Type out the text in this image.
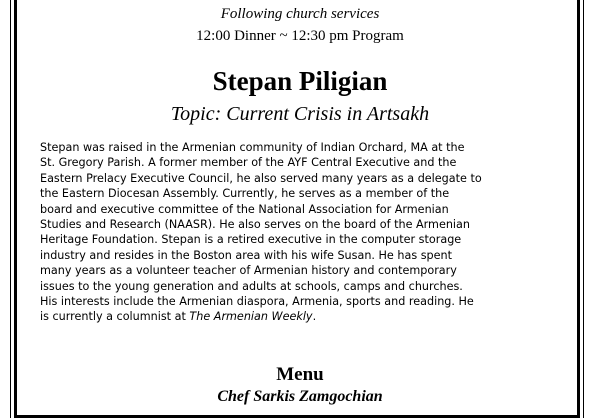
Following church services
12:00 Dinner ~ 12:30 pm Program
Stepan Piligian
Topic: Current Crisis in Artsakh
Stepan was raised in the Armenian community of Indian Orchard, MA at the
St. Gregory Parish. A former member of the AYF Central Executive and the
Eastern Prelacy Executive Council, he also served many years as a delegate to
the Eastern Diocesan Assembly. Currently, he serves as a member of the
board and executive committee of the National Association for Armenian
Studies and Research (NAASR). He also serves on the board of the Armenian
Heritage Foundation. Stepan is a retired executive in the computer storage
industry and resides in the Boston area with his wife Susan. He has spent
many years as a volunteer teacher of Armenian history and contemporary
issues to the young generation and adults at schools, camps and churches.
His interests include the Armenian diaspora, Armenia, sports and reading. He
is currently a columnist at The Armenian Weekly.
Menu
Chef Sarkis Zamgochian
